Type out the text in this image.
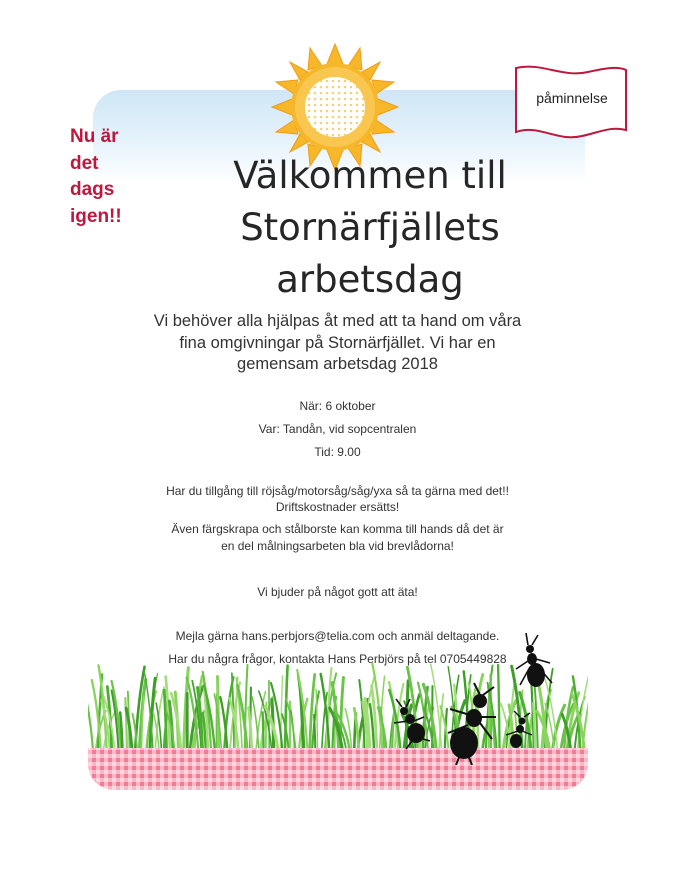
påminnelse
Nu är
det
dags
igen!!
Välkommen till
Stornärfjällets
arbetsdag
Vi behöver alla hjälpas åt med att ta hand om våra fina omgivningar på Stornärfjället. Vi har en gemensam arbetsdag 2018
När: 6 oktober
Var: Tandån, vid sopcentralen
Tid: 9.00
Har du tillgång till röjsåg/motorsåg/såg/yxa så ta gärna med det!!
Driftskostnader ersätts!
Även färgskrapa och stålborste kan komma till hands då det är
en del målningsarbeten bla vid brevlådorna!
Vi bjuder på något gott att äta!
Mejla gärna hans.perbjors@telia.com och anmäl deltagande.
Har du några frågor, kontakta Hans Perbjörs på tel 0705449828
